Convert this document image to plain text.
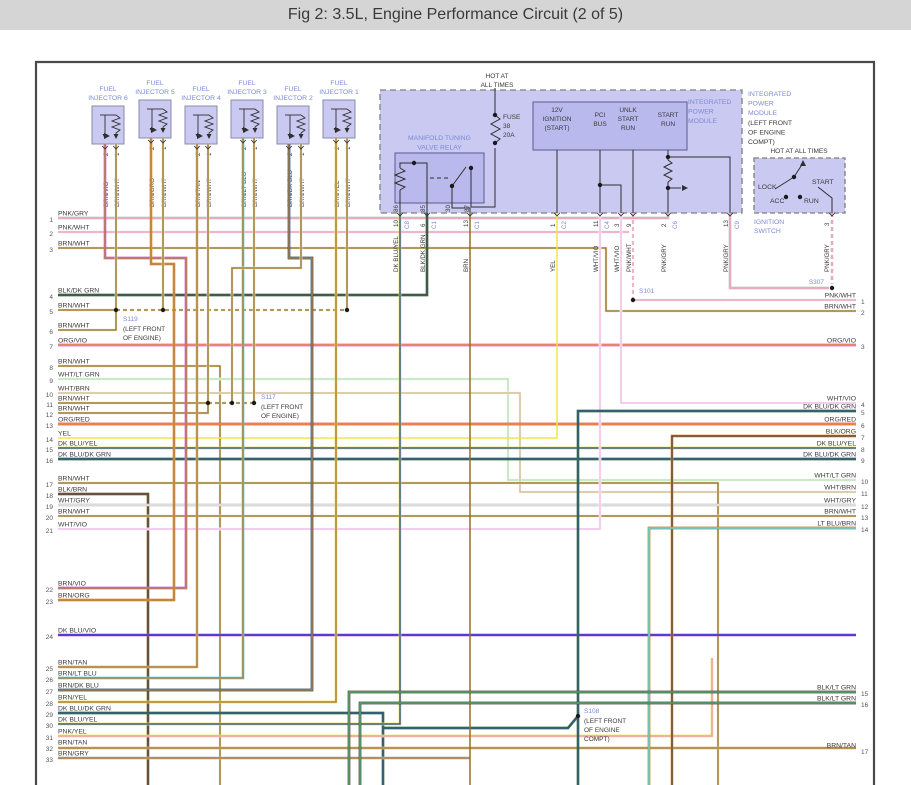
Fig 2: 3.5L, Engine Performance Circuit (2 of 5)
MANIFOLD TUNING
VALVE RELAY
86	85	30 87
12V
IGNITION
(START)
PCI
BUS
UNLK
START
RUN
START
RUN
HOT AT
ALL TIMES
FUSE
38
20A
INTEGRATED
POWER
MODULE
INTEGRATED
POWER
MODULE
(LEFT FRONT
OF ENGINE
COMPT)
HOT AT ALL TIMES
LOCK
START
ACC	RUN
IGNITION
SWITCH
3
PNK/GRY
FUEL
INJECTOR 6
2
BRN/VIO
1
BRN/WHT
FUEL
INJECTOR 5
2
BRN/ORG
1
BRN/WHT
FUEL
INJECTOR 4
2
BRN/TAN
1
BRN/WHT
FUEL
INJECTOR 3
2
BRN/LT BLU
1
BRN/WHT
FUEL
INJECTOR 2
2
BRN/DK BLU
1
BRN/WHT
FUEL
INJECTOR 1
2
BRN/YEL
1
BRN/WHT
10 C8
DK BLU/YEL
6 C1
BLK/DK GRN
13 C1
BRN
1 C2
YEL
11 C4
WHT/VIO
3
WHT/VIO
9
PNK/WHT
2 C6
PNK/GRY
13 C9
PNK/GRY
S119
(LEFT FRONT
OF ENGINE)
S117
(LEFT FRONT
OF ENGINE)
S101
S307
S108
(LEFT FRONT
OF ENGINE
COMPT)
1
PNK/GRY
2
PNK/WHT
3
BRN/WHT
4
BLK/DK GRN
5
BRN/WHT
6
BRN/WHT
7
ORG/VIO
8
BRN/WHT
9
WHT/LT GRN
10
WHT/BRN
11
BRN/WHT
12
BRN/WHT
13
ORG/RED
14
YEL
15
DK BLU/YEL
16
DK BLU/DK GRN
17
BRN/WHT
18
BLK/BRN
19
WHT/GRY
20
BRN/WHT
21
WHT/VIO
22
BRN/VIO
23
BRN/ORG
24
DK BLU/VIO
25
BRN/TAN
26
BRN/LT BLU
27
BRN/DK BLU
28
BRN/YEL
29
DK BLU/DK GRN
30
DK BLU/YEL
31
PNK/YEL
32
BRN/TAN
33
BRN/GRY
1
PNK/WHT
2
BRN/WHT
3
ORG/VIO
4
WHT/VIO
5
DK BLU/DK GRN
6
ORG/RED
7
BLK/ORG
8
DK BLU/YEL
9
DK BLU/DK GRN
10
WHT/LT GRN
11
WHT/BRN
12
WHT/GRY
13
BRN/WHT
14
LT BLU/BRN
15
BLK/LT GRN
16
BLK/LT GRN
17
BRN/TAN
